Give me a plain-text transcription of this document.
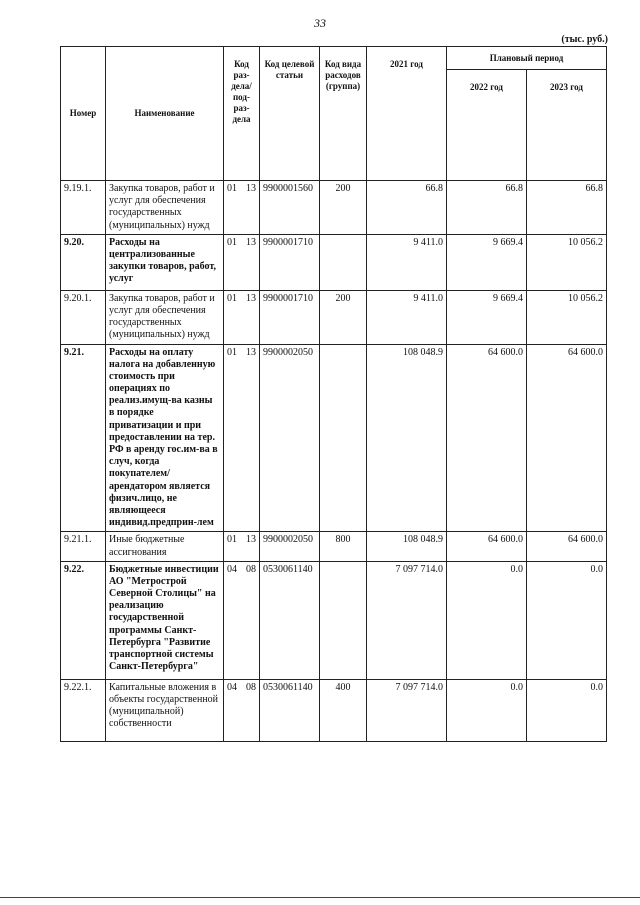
33
(тыс. руб.)
Номер	Наименование	Код раз-дела/ под-раз-дела		Код целевой статьи	Код вида расходов (группа)	2021 год	Плановый период	
							2022 год	2023 год
9.19.1.	Закупка товаров, работ и услуг для обеспечения государственных (муниципальных) нужд	01	13	9900001560	200	66.8	66.8	66.8
9.20.	Расходы на централизованные закупки товаров, работ, услуг	01	13	9900001710		9 411.0	9 669.4	10 056.2
9.20.1.	Закупка товаров, работ и услуг для обеспечения государственных (муниципальных) нужд	01	13	9900001710	200	9 411.0	9 669.4	10 056.2
9.21.	Расходы на оплату налога на добавленную стоимость при операциях по реализ.имущ-ва казны в порядке приватизации и при предоставлении на тер. РФ в аренду гос.им-ва в случ, когда покупателем/арендатором является физич.лицо, не являющееся индивид.предприн-лем	01	13	9900002050		108 048.9	64 600.0	64 600.0
9.21.1.	Иные бюджетные ассигнования	01	13	9900002050	800	108 048.9	64 600.0	64 600.0
9.22.	Бюджетные инвестиции АО "Метрострой Северной Столицы" на реализацию государственной программы Санкт-Петербурга "Развитие транспортной системы Санкт-Петербурга"	04	08	0530061140		7 097 714.0	0.0	0.0
9.22.1.	Капитальные вложения в объекты государственной (муниципальной) собственности	04	08	0530061140	400	7 097 714.0	0.0	0.0
